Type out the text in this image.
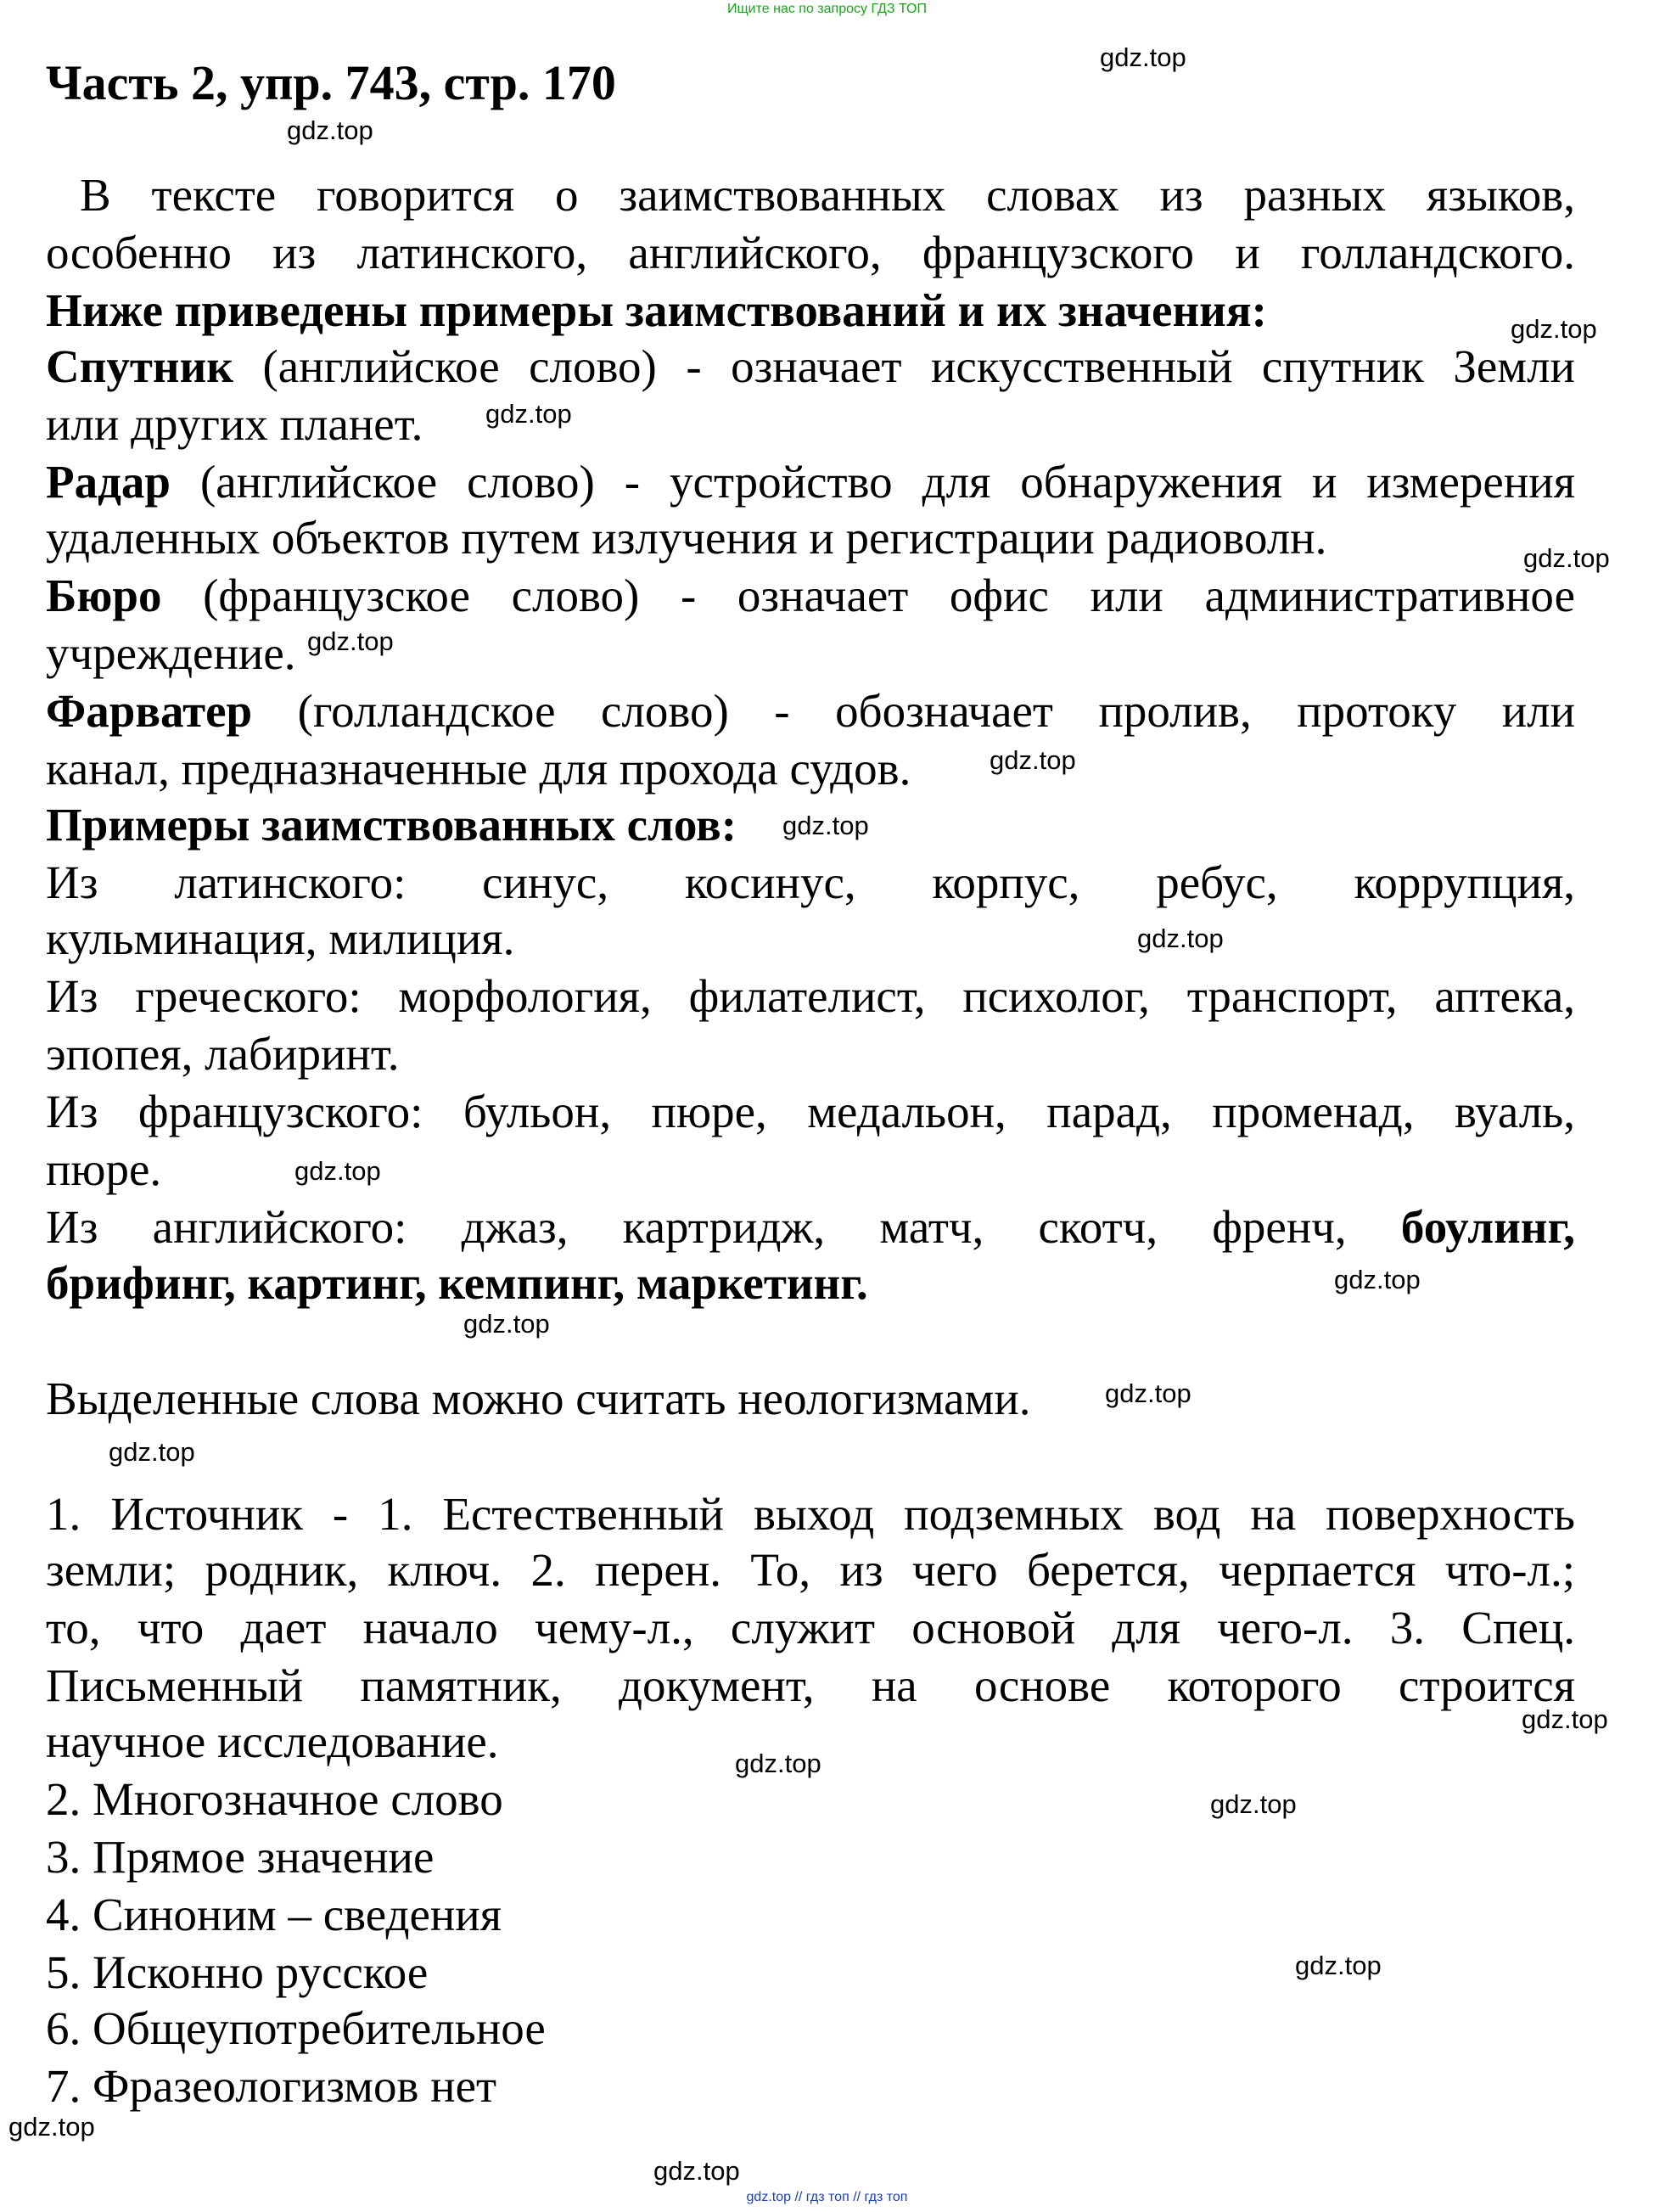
Ищите нас по запросу ГДЗ ТОП
Часть 2, упр. 743, стр. 170	gdz.top
gdz.top
gdz.top
gdz.top
gdz.top
gdz.top
gdz.top
gdz.top
gdz.top
gdz.top
gdz.top
gdz.top
gdz.top
gdz.top
gdz.top
gdz.top
gdz.top
gdz.top
gdz.top
gdz.top
В тексте говорится о заимствованных словах из разных языков,
особенно из латинского, английского, французского и голландского.
Ниже приведены примеры заимствований и их значения:
Спутник (английское слово) - означает искусственный спутник Земли
или других планет.
Радар (английское слово) - устройство для обнаружения и измерения
удаленных объектов путем излучения и регистрации радиоволн.
Бюро (французское слово) - означает офис или административное
учреждение.
Фарватер (голландское слово) - обозначает пролив, протоку или
канал, предназначенные для прохода судов.
Примеры заимствованных слов:
Из латинского: синус, косинус, корпус, ребус, коррупция,
кульминация, милиция.
Из греческого: морфология, филателист, психолог, транспорт, аптека,
эпопея, лабиринт.
Из французского: бульон, пюре, медальон, парад, променад, вуаль,
пюре.
Из английского: джаз, картридж, матч, скотч, френч, боулинг,
брифинг, картинг, кемпинг, маркетинг.
Выделенные слова можно считать неологизмами.
1. Источник - 1. Естественный выход подземных вод на поверхность
земли; родник, ключ. 2. перен. То, из чего берется, черпается что-л.;
то, что дает начало чему-л., служит основой для чего-л. 3. Спец.
Письменный памятник, документ, на основе которого строится
научное исследование.
2. Многозначное слово
3. Прямое значение
4. Синоним – сведения
5. Исконно русское
6. Общеупотребительное
7. Фразеологизмов нет
gdz.top // гдз топ // гдз топ
